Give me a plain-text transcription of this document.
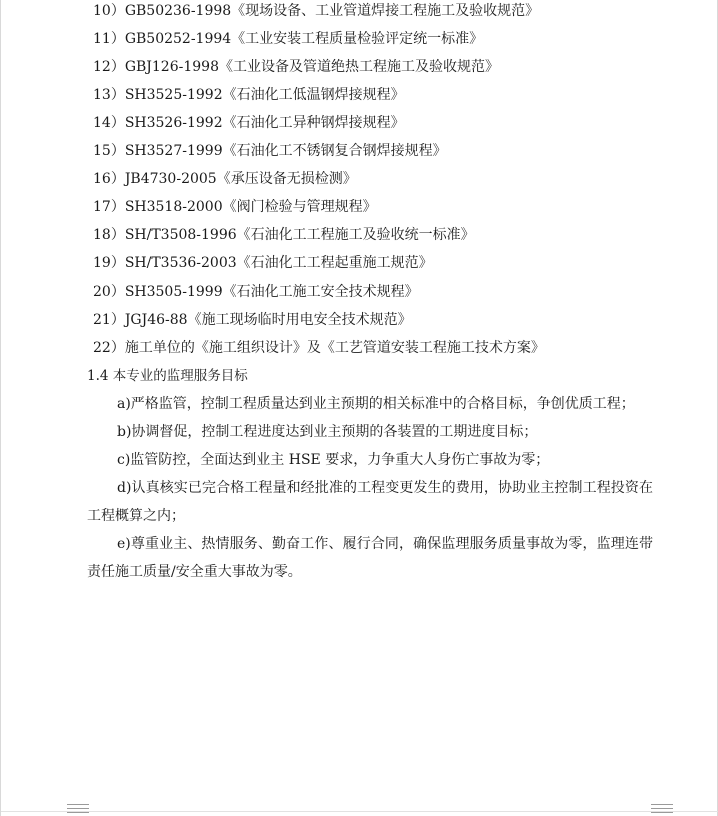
10）GB50236-1998《现场设备、工业管道焊接工程施工及验收规范》
11）GB50252-1994《工业安装工程质量检验评定统一标准》
12）GBJ126-1998《工业设备及管道绝热工程施工及验收规范》
13）SH3525-1992《石油化工低温钢焊接规程》
14）SH3526-1992《石油化工异种钢焊接规程》
15）SH3527-1999《石油化工不锈钢复合钢焊接规程》
16）JB4730-2005《承压设备无损检测》
17）SH3518-2000《阀门检验与管理规程》
18）SH/T3508-1996《石油化工工程施工及验收统一标准》
19）SH/T3536-2003《石油化工工程起重施工规范》
20）SH3505-1999《石油化工施工安全技术规程》
21）JGJ46-88《施工现场临时用电安全技术规范》
22）施工单位的《施工组织设计》及《工艺管道安装工程施工技术方案》
1.4 本专业的监理服务目标
a)严格监管，控制工程质量达到业主预期的相关标准中的合格目标，争创优质工程；
b)协调督促，控制工程进度达到业主预期的各装置的工期进度目标；
c)监管防控，全面达到业主 HSE 要求，力争重大人身伤亡事故为零；
d)认真核实已完合格工程量和经批准的工程变更发生的费用，协助业主控制工程投资在工程概算之内；
e)尊重业主、热情服务、勤奋工作、履行合同，确保监理服务质量事故为零，监理连带责任施工质量/安全重大事故为零。
